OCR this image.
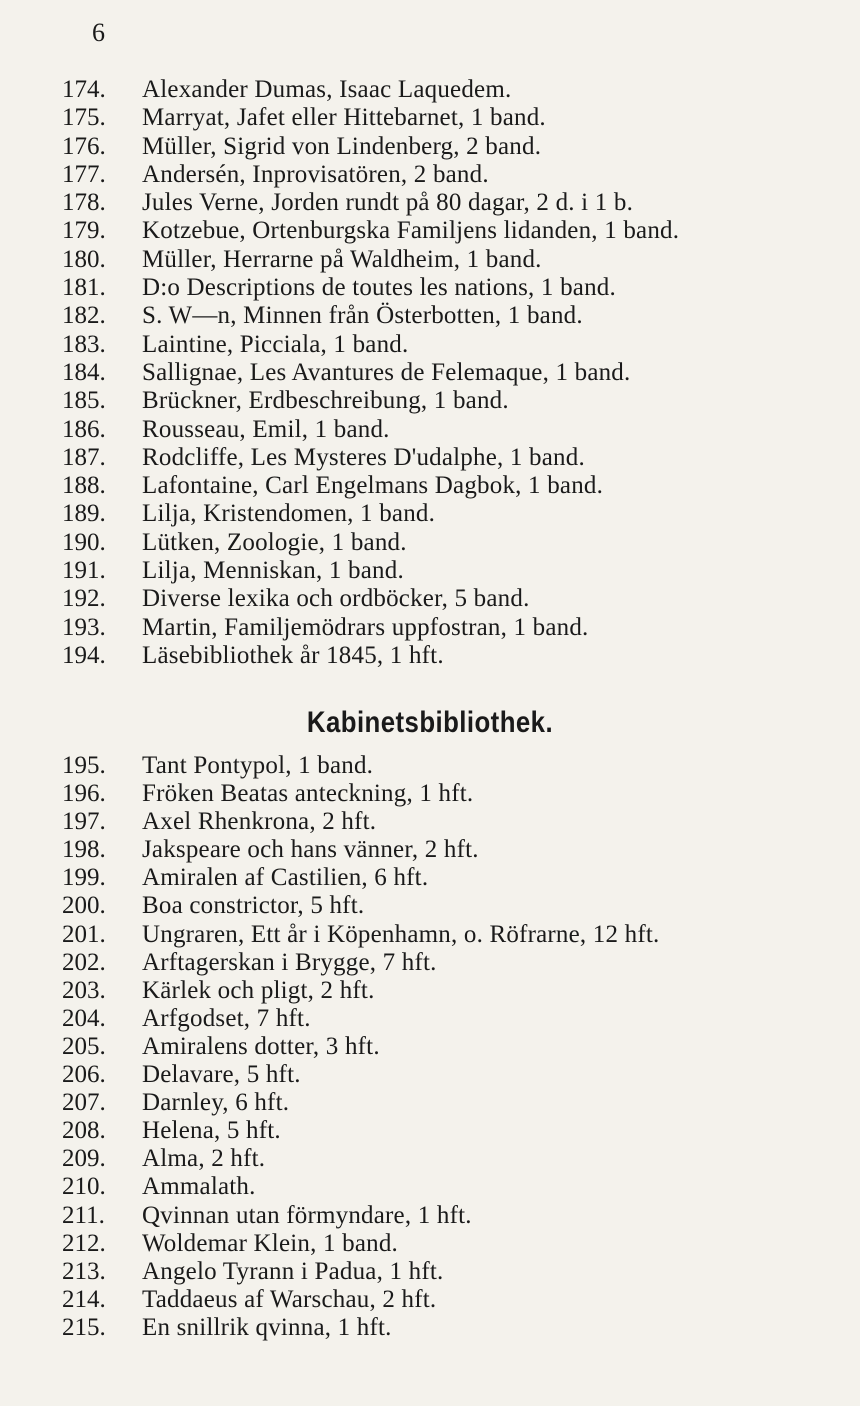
6
174.	Alexander Dumas, Isaac Laquedem.
175.	Marryat, Jafet eller Hittebarnet, 1 band.
176.	Müller, Sigrid von Lindenberg, 2 band.
177.	Andersén, Inprovisatören, 2 band.
178.	Jules Verne, Jorden rundt på 80 dagar, 2 d. i 1 b.
179.	Kotzebue, Ortenburgska Familjens lidanden, 1 band.
180.	Müller, Herrarne på Waldheim, 1 band.
181.	D:o Descriptions de toutes les nations, 1 band.
182.	S. W—n, Minnen från Österbotten, 1 band.
183.	Laintine, Picciala, 1 band.
184.	Sallignae, Les Avantures de Felemaque, 1 band.
185.	Brückner, Erdbeschreibung, 1 band.
186.	Rousseau, Emil, 1 band.
187.	Rodcliffe, Les Mysteres D'udalphe, 1 band.
188.	Lafontaine, Carl Engelmans Dagbok, 1 band.
189.	Lilja, Kristendomen, 1 band.
190.	Lütken, Zoologie, 1 band.
191.	Lilja, Menniskan, 1 band.
192.	Diverse lexika och ordböcker, 5 band.
193.	Martin, Familjemödrars uppfostran, 1 band.
194.	Läsebibliothek år 1845, 1 hft.
Kabinetsbibliothek.
195.	Tant Pontypol, 1 band.
196.	Fröken Beatas anteckning, 1 hft.
197.	Axel Rhenkrona, 2 hft.
198.	Jakspeare och hans vänner, 2 hft.
199.	Amiralen af Castilien, 6 hft.
200.	Boa constrictor, 5 hft.
201.	Ungraren, Ett år i Köpenhamn, o. Röfrarne, 12 hft.
202.	Arftagerskan i Brygge, 7 hft.
203.	Kärlek och pligt, 2 hft.
204.	Arfgodset, 7 hft.
205.	Amiralens dotter, 3 hft.
206.	Delavare, 5 hft.
207.	Darnley, 6 hft.
208.	Helena, 5 hft.
209.	Alma, 2 hft.
210.	Ammalath.
211.	Qvinnan utan förmyndare, 1 hft.
212.	Woldemar Klein, 1 band.
213.	Angelo Tyrann i Padua, 1 hft.
214.	Taddaeus af Warschau, 2 hft.
215.	En snillrik qvinna, 1 hft.
